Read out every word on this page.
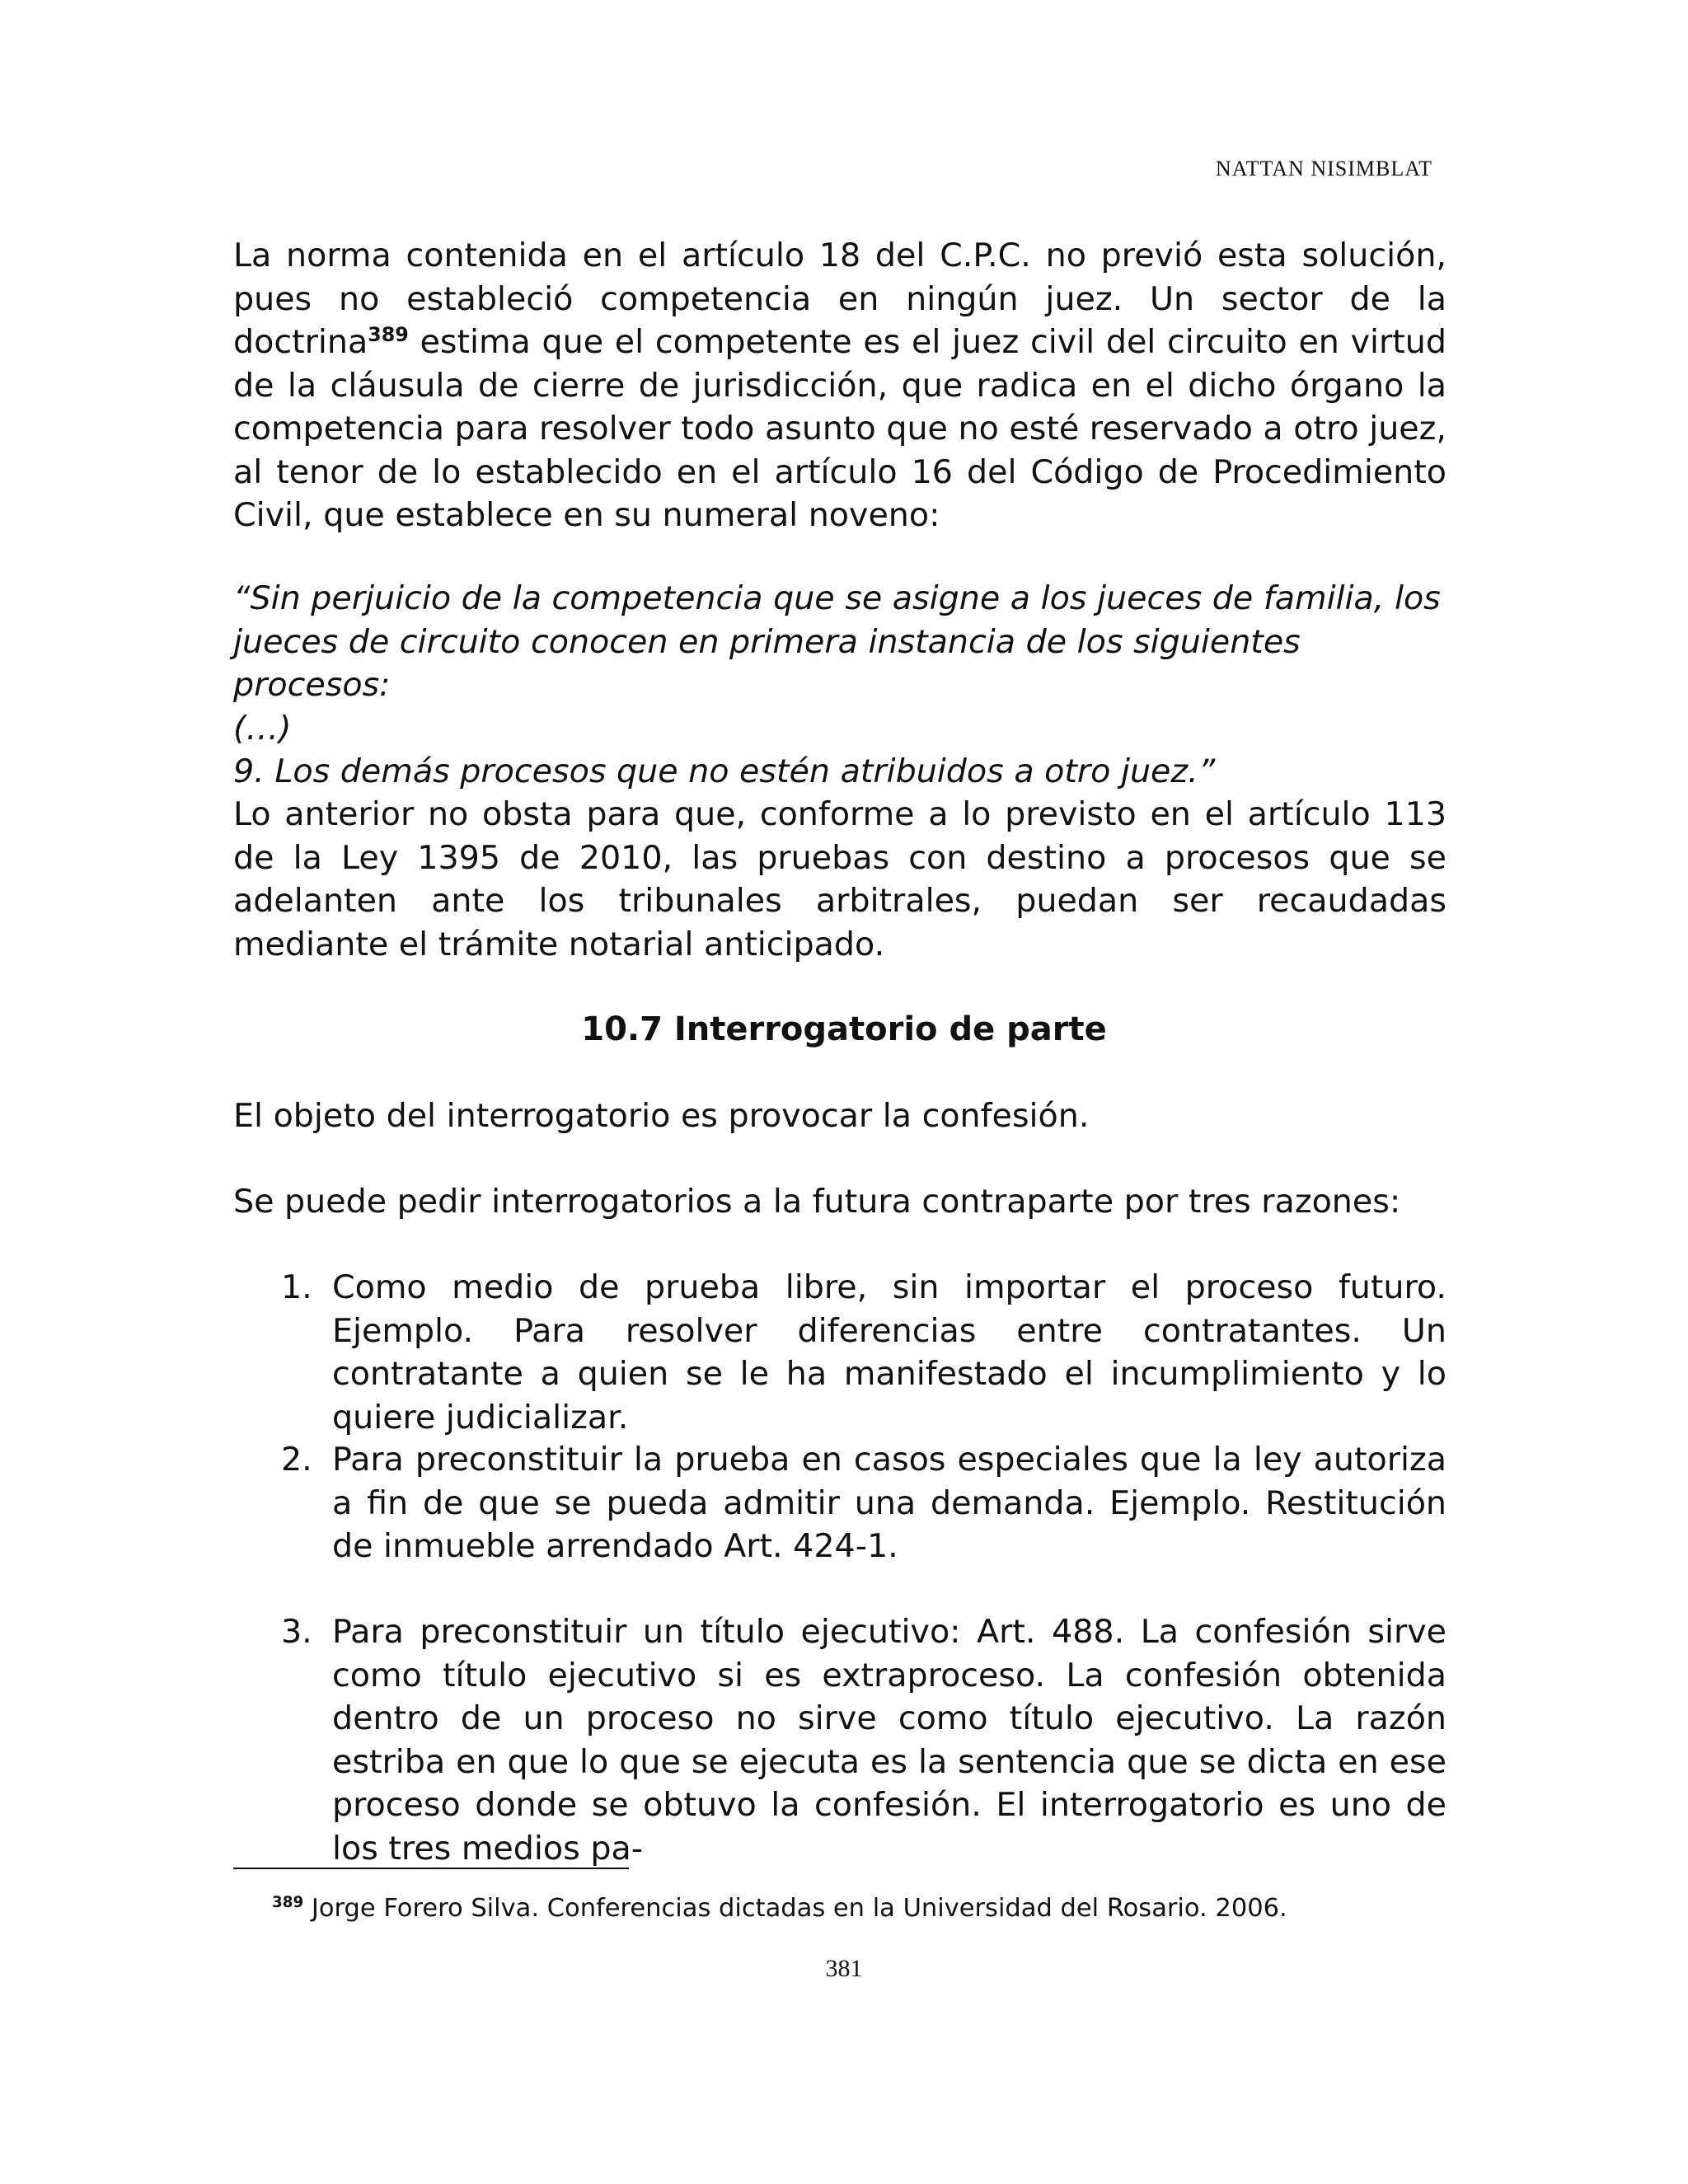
NATTAN NISIMBLAT

La norma contenida en el artículo 18 del C.P.C. no previó esta solución, pues no estableció competencia en ningún juez. Un sector de la doctrina$^{389}$ estima que el competente es el juez civil del circuito en virtud de la cláusula de cierre de jurisdicción, que radica en el dicho órgano la competencia para resolver todo asunto que no esté reservado a otro juez, al tenor de lo establecido en el artículo 16 del Código de Procedimiento Civil, que establece en su numeral noveno:

“Sin perjuicio de la competencia que se asigne a los jueces de familia, los
jueces de circuito conocen en primera instancia de los siguientes procesos:
(…)
9. Los demás procesos que no estén atribuidos a otro juez.”

Lo anterior no obsta para que, conforme a lo previsto en el artículo 113 de la Ley 1395 de 2010, las pruebas con destino a procesos que se adelanten ante los tribunales arbitrales, puedan ser recaudadas mediante el trámite notarial anticipado.

10.7 Interrogatorio de parte

El objeto del interrogatorio es provocar la confesión.

Se puede pedir interrogatorios a la futura contraparte por tres razones:

1. Como medio de prueba libre, sin importar el proceso futuro. Ejemplo. Para resolver diferencias entre contratantes. Un contratante a quien se le ha manifestado el incumplimiento y lo quiere judicializar.
2. Para preconstituir la prueba en casos especiales que la ley autoriza a fin de que se pueda admitir una demanda. Ejemplo. Restitución de inmueble arrendado Art. 424-1.
3. Para preconstituir un título ejecutivo: Art. 488. La confesión sirve como título ejecutivo si es extraproceso. La confesión obtenida dentro de un proceso no sirve como título ejecutivo. La razón estriba en que lo que se ejecuta es la sentencia que se dicta en ese proceso donde se obtuvo la confesión. El interrogatorio es uno de los tres medios pa-

$^{389}$ Jorge Forero Silva. Conferencias dictadas en la Universidad del Rosario. 2006.

381
